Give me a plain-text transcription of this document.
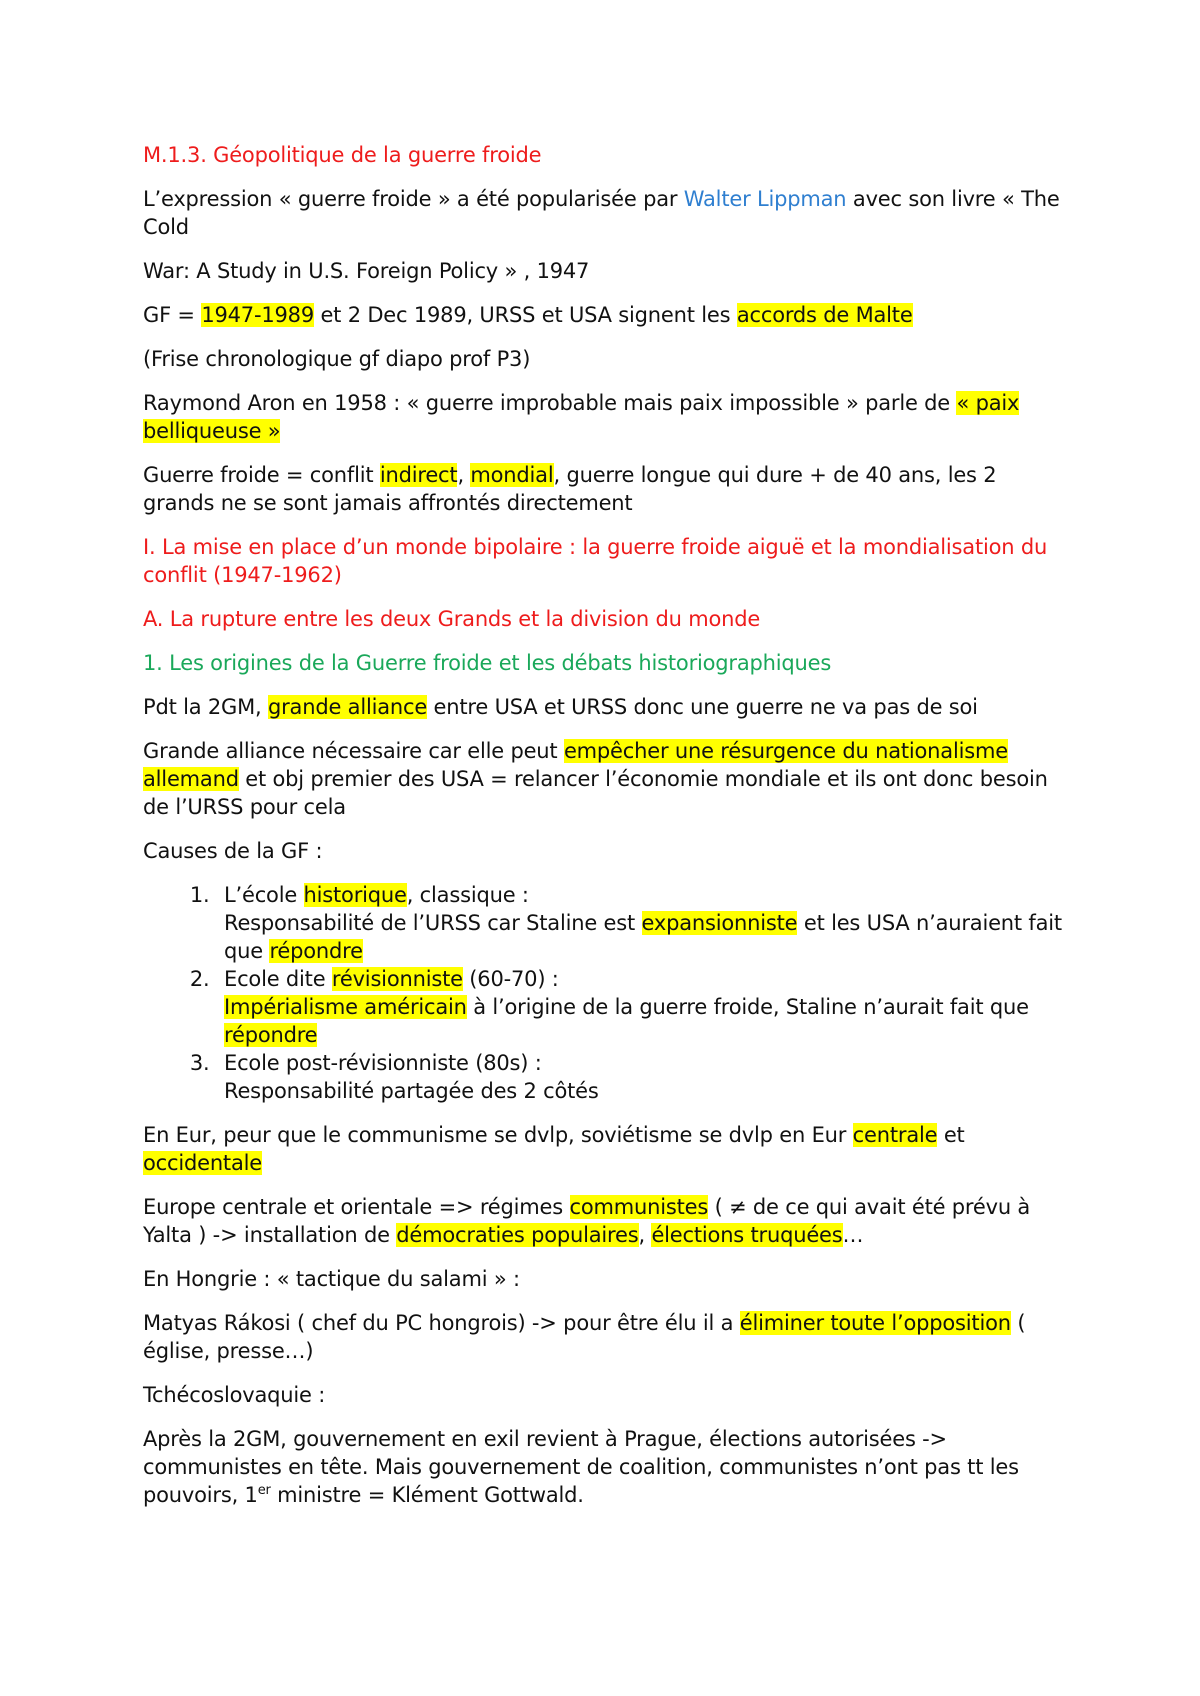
M.1.3. Géopolitique de la guerre froide

L’expression « guerre froide » a été popularisée par Walter Lippman avec son livre « The Cold

War: A Study in U.S. Foreign Policy » , 1947

GF = 1947-1989 et 2 Dec 1989, URSS et USA signent les accords de Malte

(Frise chronologique gf diapo prof P3)

Raymond Aron en 1958 : « guerre improbable mais paix impossible » parle de « paix belliqueuse »

Guerre froide = conflit indirect, mondial, guerre longue qui dure + de 40 ans, les 2 grands ne se sont jamais affrontés directement

I. La mise en place d’un monde bipolaire : la guerre froide aiguë et la mondialisation du conflit (1947-1962)

A. La rupture entre les deux Grands et la division du monde

1. Les origines de la Guerre froide et les débats historiographiques

Pdt la 2GM, grande alliance entre USA et URSS donc une guerre ne va pas de soi

Grande alliance nécessaire car elle peut empêcher une résurgence du nationalisme allemand et obj premier des USA = relancer l’économie mondiale et ils ont donc besoin de l’URSS pour cela

Causes de la GF :

1. L’école historique, classique :
Responsabilité de l’URSS car Staline est expansionniste et les USA n’auraient fait que répondre
2. Ecole dite révisionniste (60-70) :
Impérialisme américain à l’origine de la guerre froide, Staline n’aurait fait que répondre
3. Ecole post-révisionniste (80s) :
Responsabilité partagée des 2 côtés

En Eur, peur que le communisme se dvlp, soviétisme se dvlp en Eur centrale et occidentale

Europe centrale et orientale => régimes communistes ( ≠ de ce qui avait été prévu à Yalta ) -> installation de démocraties populaires, élections truquées…

En Hongrie : « tactique du salami » :

Matyas Rákosi ( chef du PC hongrois) -> pour être élu il a éliminer toute l’opposition ( église, presse…)

Tchécoslovaquie :

Après la 2GM, gouvernement en exil revient à Prague, élections autorisées -> communistes en tête. Mais gouvernement de coalition, communistes n’ont pas tt les pouvoirs, 1er ministre = Klément Gottwald.
